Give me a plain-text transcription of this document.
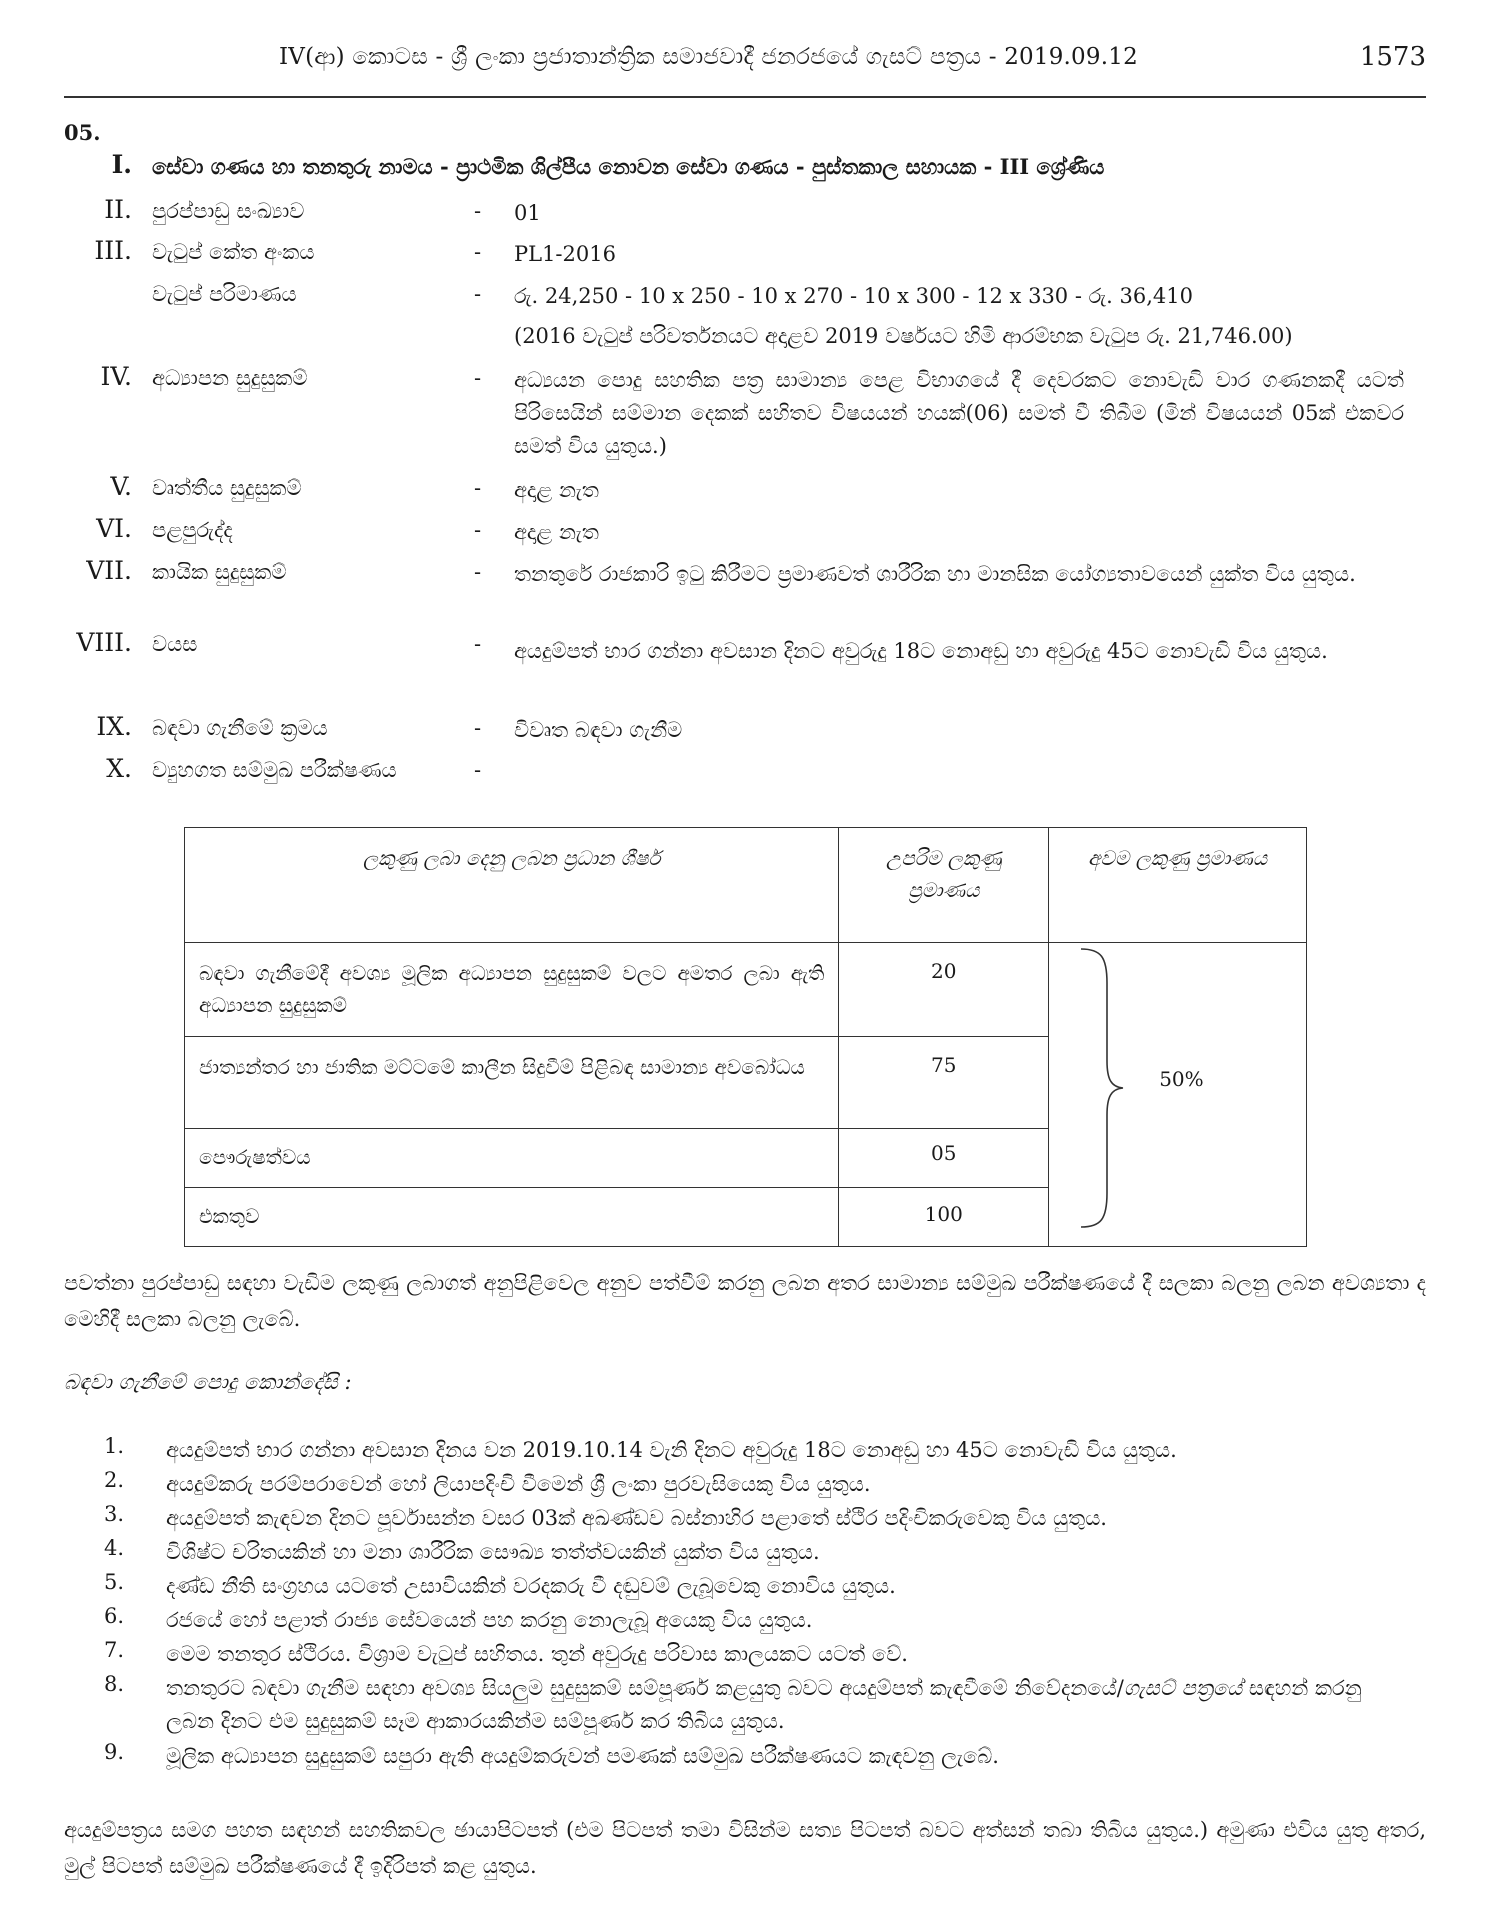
IV(ආ) කොටස - ශ්‍රී ලංකා ප්‍රජාතාන්ත්‍රික සමාජවාදී ජනරජයේ ගැසට් පත්‍රය - 2019.09.12	1573
05.
I. සේවා ගණය හා තනතුරු නාමය - ප්‍රාථමික ශිල්පීය නොවන සේවා ගණය - පුස්තකාල සහායක - III ශ්‍රේණිය
II. පුරප්පාඩු සංඛ්‍යාව	- 01
III. වැටුප් කේත අංකය	- PL1-2016
වැටුප් පරිමාණය	- රු. 24,250 - 10 x 250 - 10 x 270 - 10 x 300 - 12 x 330 - රු. 36,410
(2016 වැටුප් පරිවර්තනයට අදාළව 2019 වර්ෂයට හිමි ආරම්භක වැටුප රු. 21,746.00)
IV. අධ්‍යාපන සුදුසුකම්	- අධ්‍යයන පොදු සහතික පත්‍ර සාමාන්‍ය පෙළ විභාගයේ දී දෙවරකට නොවැඩි වාර ගණනකදී යටත් පිරිසෙයින් සම්මාන දෙකක් සහිතව විෂයයන් හයක්(06) සමත් වී තිබීම (මින් විෂයයන් 05ක් එකවර සමත් විය යුතුය.)
V. වෘත්තීය සුදුසුකම්	- අදාළ නැත
VI. පළපුරුද්ද	- අදාළ නැත
VII. කායික සුදුසුකම්	- තනතුරේ රාජකාරි ඉටු කිරීමට ප්‍රමාණවත් ශාරීරික හා මානසික යෝග්‍යතාවයෙන් යුක්ත විය යුතුය.
VIII. වයස	- අයදුම්පත් භාර ගන්නා අවසාන දිනට අවුරුදු 18ට නොඅඩු හා අවුරුදු 45ට නොවැඩි විය යුතුය.
IX. බඳවා ගැනීමේ ක්‍රමය	- විවෘත බඳවා ගැනීම
X. ව්‍යුහගත සම්මුඛ පරීක්ෂණය	-
ලකුණු ලබා දෙනු ලබන ප්‍රධාන ශීර්ෂ	උපරිම ලකුණු ප්‍රමාණය	අවම ලකුණු ප්‍රමාණය
බඳවා ගැනීමේදී අවශ්‍ය මූලික අධ්‍යාපන සුදුසුකම් වලට අමතර ලබා ඇති අධ්‍යාපන සුදුසුකම්	20	50%

ජාත්‍යන්තර හා ජාතික මට්ටමේ කාලීන සිදුවීම් පිළිබඳ සාමාන්‍ය අවබෝධය	75	
පෞරුෂත්වය	05	
එකතුව	100	
පවත්නා පුරප්පාඩු සඳහා වැඩිම ලකුණු ලබාගත් අනුපිළිවෙල අනුව පත්වීම් කරනු ලබන අතර සාමාන්‍ය සම්මුඛ පරීක්ෂණයේ දී සලකා බලනු ලබන අවශ්‍යතා ද මෙහිදී සලකා බලනු ලැබේ.
බඳවා ගැනීමේ පොදු කොන්දේසි :
1. අයදුම්පත් භාර ගන්නා අවසාන දිනය වන 2019.10.14 වැනි දිනට අවුරුදු 18ට නොඅඩු හා 45ට නොවැඩි විය යුතුය.
2. අයදුම්කරු පරම්පරාවෙන් හෝ ලියාපදිංචි වීමෙන් ශ්‍රී ලංකා පුරවැසියෙකු විය යුතුය.
3. අයදුම්පත් කැඳවන දිනට පූර්වාසන්න වසර 03ක් අඛණ්ඩව බස්නාහිර පළාතේ ස්ථිර පදිංචිකරුවෙකු විය යුතුය.
4. විශිෂ්ට චරිතයකින් හා මනා ශාරීරික සෞඛ්‍ය තත්ත්වයකින් යුක්ත විය යුතුය.
5. දණ්ඩ නීති සංග්‍රහය යටතේ උසාවියකින් වරදකරු වී දඬුවම් ලැබූවෙකු නොවිය යුතුය.
6. රජයේ හෝ පළාත් රාජ්‍ය සේවයෙන් පහ කරනු නොලැබූ අයෙකු විය යුතුය.
7. මෙම තනතුර ස්ථිරය. විශ්‍රාම වැටුප් සහිතය. තුන් අවුරුදු පරිවාස කාලයකට යටත් වේ.
8. තනතුරට බඳවා ගැනීම සඳහා අවශ්‍ය සියලුම සුදුසුකම් සම්පූර්ණ කළයුතු බවට අයදුම්පත් කැඳවීමේ නිවේදනයේ/ගැසට් පත්‍රයේ සඳහන් කරනු ලබන දිනට එම සුදුසුකම් සෑම ආකාරයකින්ම සම්පූර්ණ කර තිබිය යුතුය.
9. මූලික අධ්‍යාපන සුදුසුකම් සපුරා ඇති අයදුම්කරුවන් පමණක් සම්මුඛ පරීක්ෂණයට කැඳවනු ලැබේ.
අයදුම්පත්‍රය සමග පහත සඳහන් සහතිකවල ඡායාපිටපත් (එම පිටපත් තමා විසින්ම සත්‍ය පිටපත් බවට අත්සන් තබා තිබිය යුතුය.) අමුණා එවිය යුතු අතර, මුල් පිටපත් සම්මුඛ පරීක්ෂණයේ දී ඉදිරිපත් කළ යුතුය.
